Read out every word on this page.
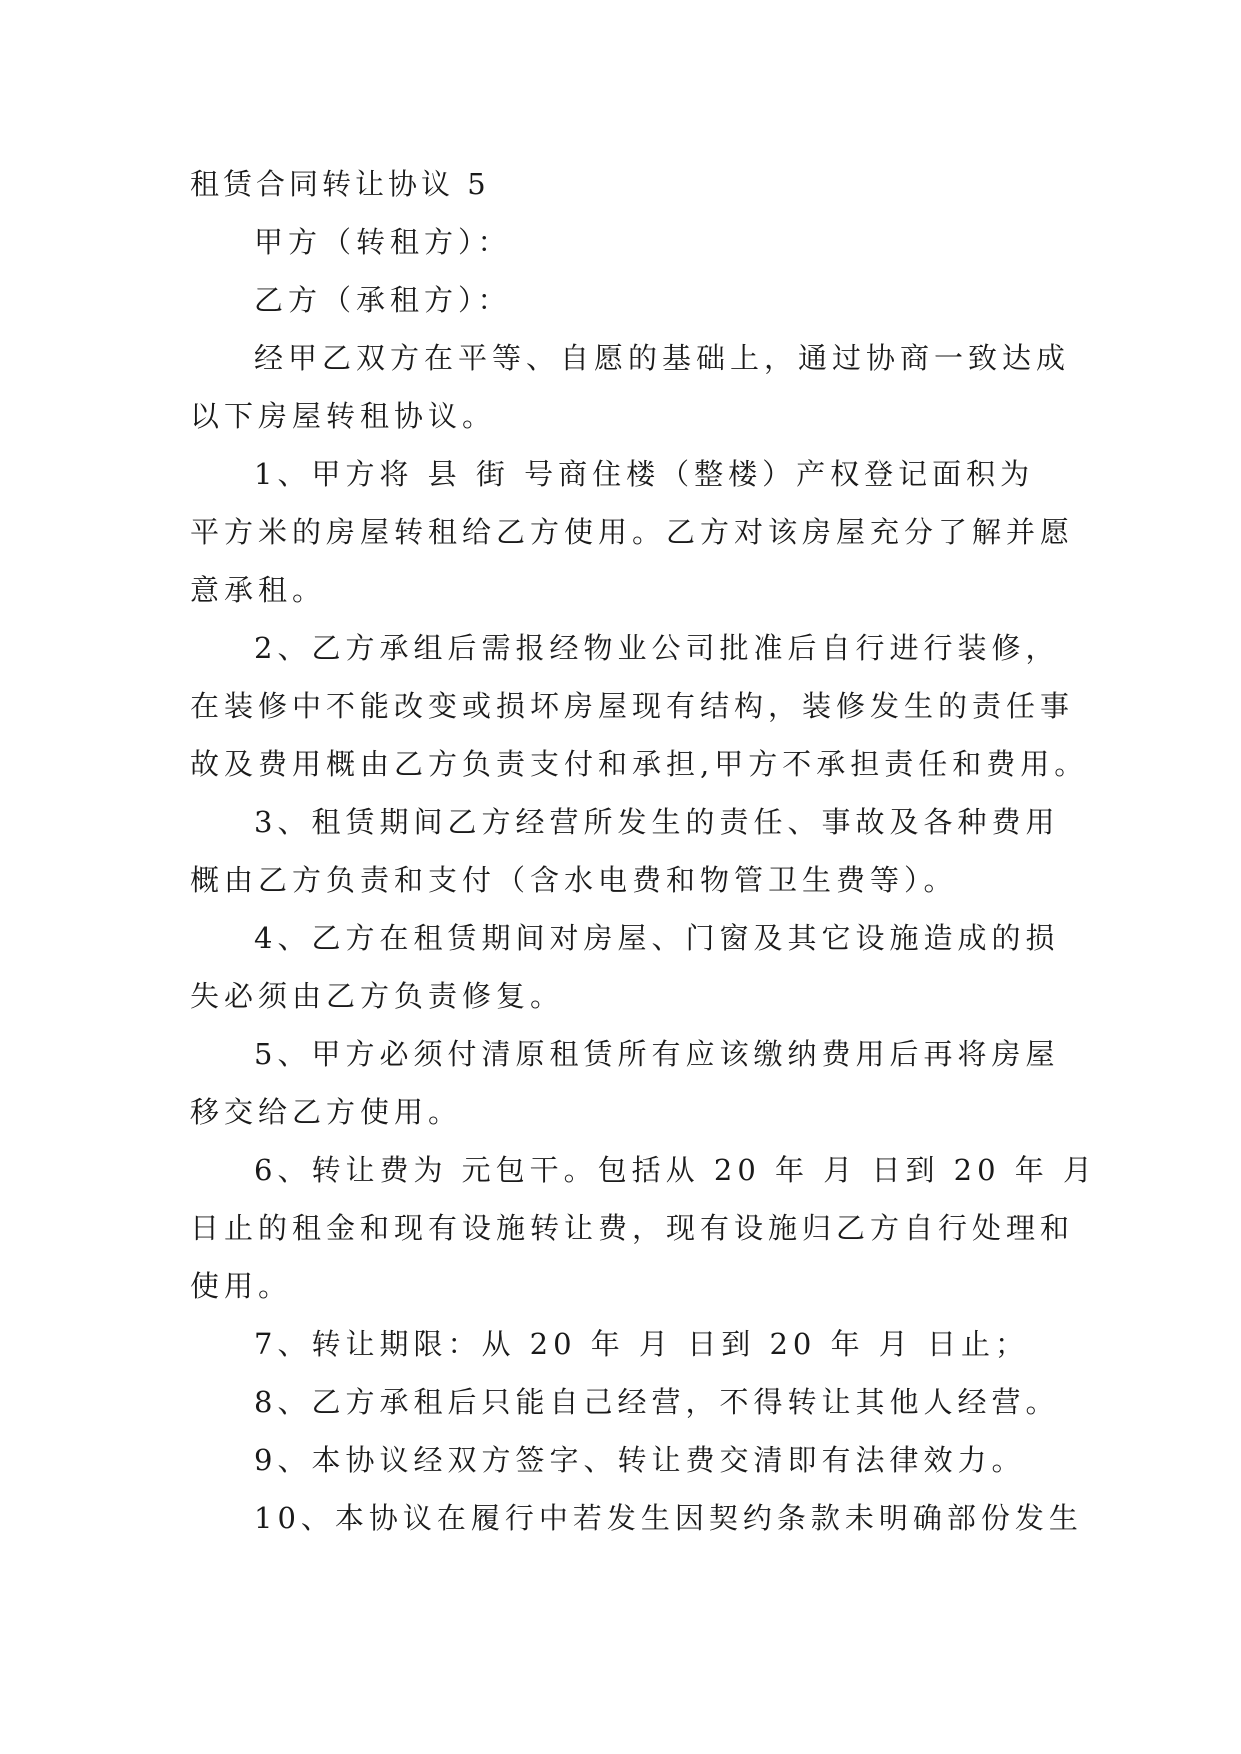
租赁合同转让协议 5

甲方（转租方）：

乙方（承租方）：

经甲乙双方在平等、自愿的基础上，通过协商一致达成

以下房屋转租协议。

1、甲方将 县 街 号商住楼（整楼）产权登记面积为

平方米的房屋转租给乙方使用。乙方对该房屋充分了解并愿

意承租。

2、乙方承组后需报经物业公司批准后自行进行装修，

在装修中不能改变或损坏房屋现有结构，装修发生的责任事

故及费用概由乙方负责支付和承担,甲方不承担责任和费用。

3、租赁期间乙方经营所发生的责任、事故及各种费用

概由乙方负责和支付（含水电费和物管卫生费等）。

4、乙方在租赁期间对房屋、门窗及其它设施造成的损

失必须由乙方负责修复。

5、甲方必须付清原租赁所有应该缴纳费用后再将房屋

移交给乙方使用。

6、转让费为 元包干。包括从 20 年 月 日到 20 年 月

日止的租金和现有设施转让费，现有设施归乙方自行处理和

使用。

7、转让期限：从 20 年 月 日到 20 年 月 日止；

8、乙方承租后只能自己经营，不得转让其他人经营。

9、本协议经双方签字、转让费交清即有法律效力。

10、本协议在履行中若发生因契约条款未明确部份发生
